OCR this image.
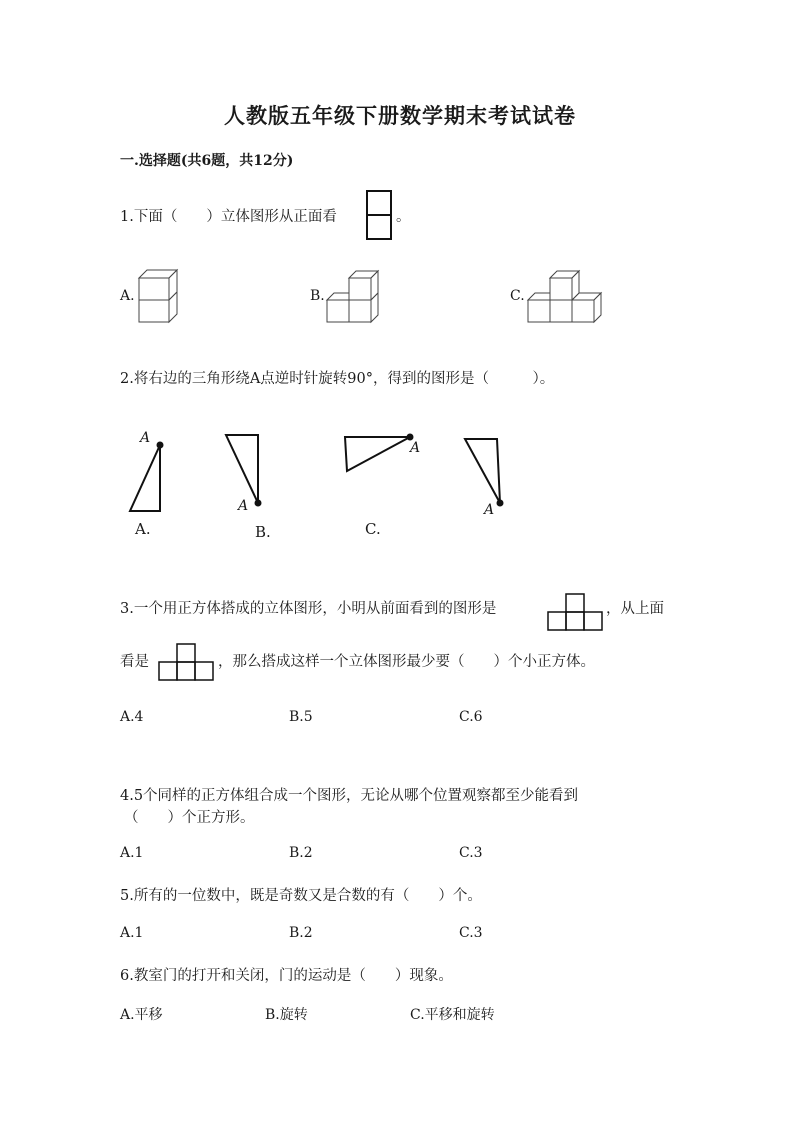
人教版五年级下册数学期末考试试卷
一.选择题(共6题，共12分)
1.下面（　　）立体图形从正面看	。
A.	B.	C.
2.将右边的三角形绕A点逆时针旋转90°，得到的图形是（　　　）。
A
A
A
A
A.	B.	C.
3.一个用正方体搭成的立体图形，小明从前面看到的图形是	，从上面
看是	，那么搭成这样一个立体图形最少要（　　）个小正方体。
A.4	B.5	C.6
4.5个同样的正方体组合成一个图形，无论从哪个位置观察都至少能看到
（　　）个正方形。
A.1	B.2	C.3
5.所有的一位数中，既是奇数又是合数的有（　　）个。
A.1	B.2	C.3
6.教室门的打开和关闭，门的运动是（　　）现象。
A.平移	B.旋转	C.平移和旋转
